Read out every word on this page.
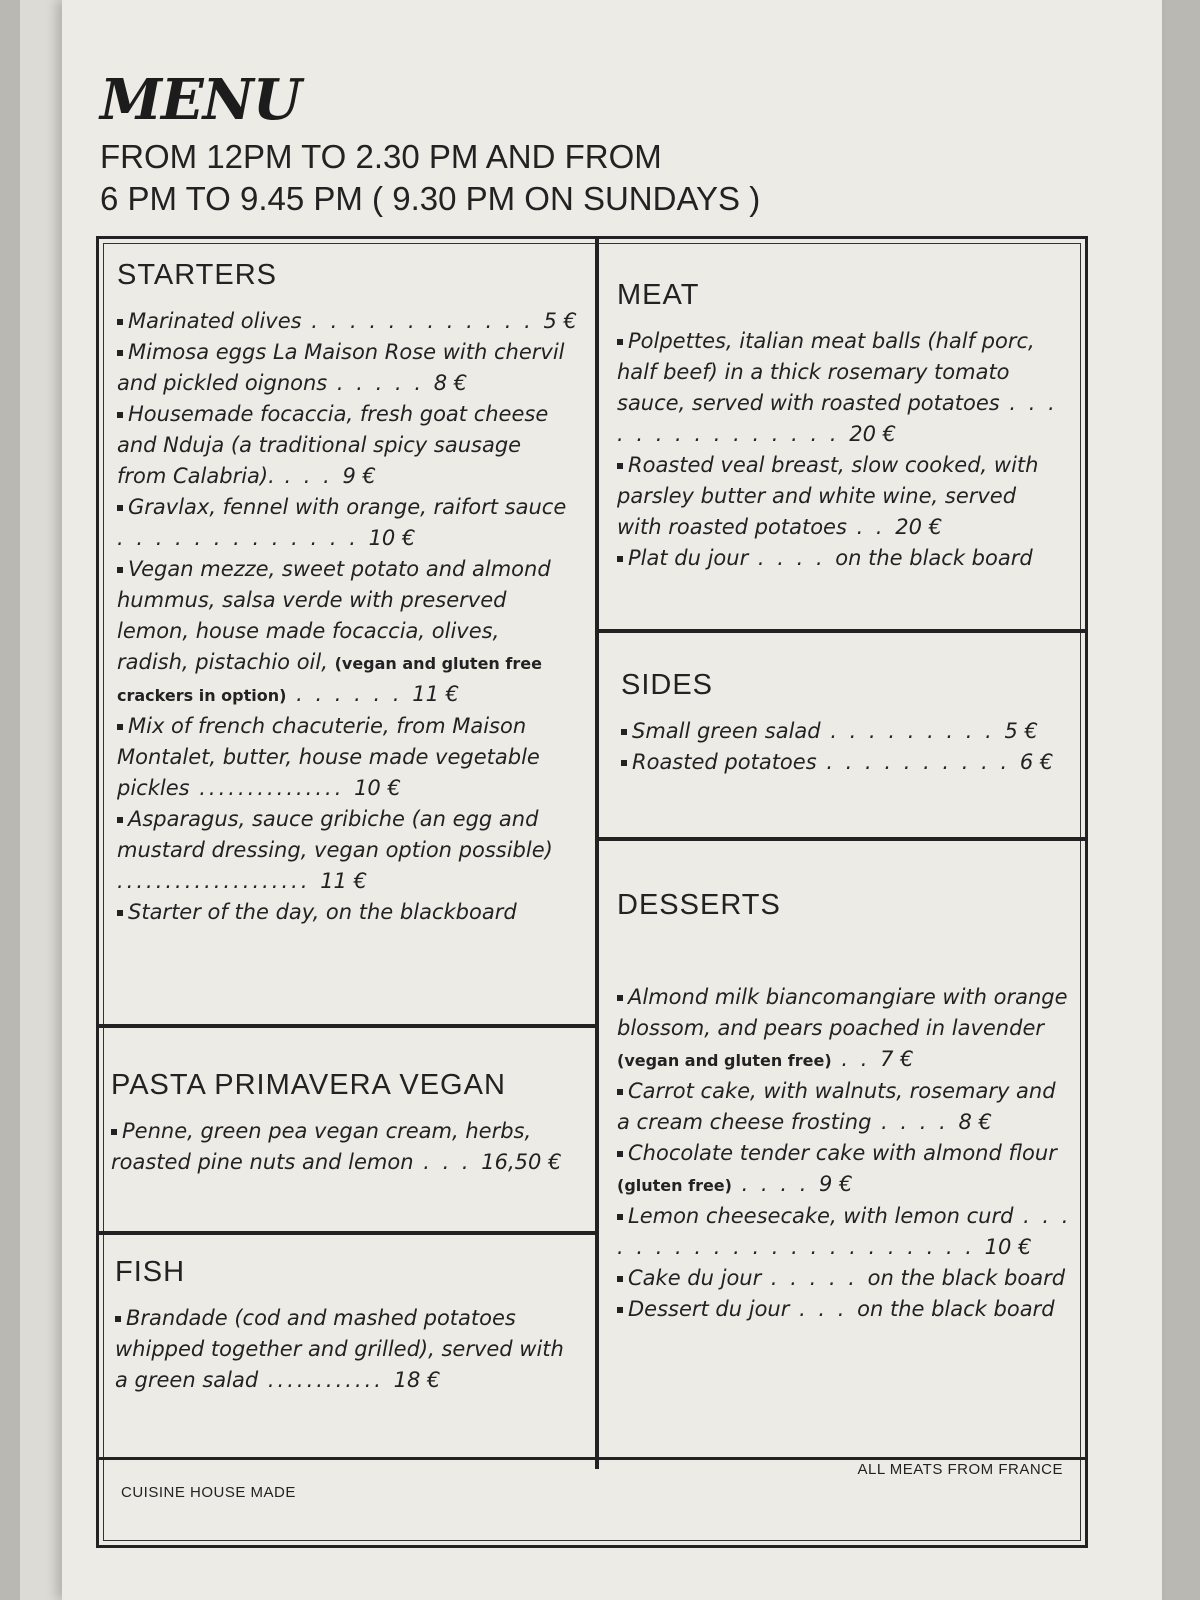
MENU
FROM 12PM TO 2.30 PM AND FROM
6 PM TO 9.45 PM ( 9.30 PM ON SUNDAYS )
STARTERS
Marinated olives . . . . . . . . . . . . 5 €
Mimosa eggs La Maison Rose with chervil and pickled oignons . . . . . 8 €
Housemade focaccia, fresh goat cheese and Nduja (a traditional spicy sausage from Calabria). . . . 9 €
Gravlax, fennel with orange, raifort sauce . . . . . . . . . . . . . 10 €
Vegan mezze, sweet potato and almond hummus, salsa verde with preserved lemon, house made focaccia, olives, radish, pistachio oil, (vegan and gluten free crackers in option) . . . . . . 11 €
Mix of french chacuterie, from Maison Montalet, butter, house made vegetable pickles ............... 10 €
Asparagus, sauce gribiche (an egg and mustard dressing, vegan option possible) .................... 11 €
Starter of the day, on the blackboard
PASTA PRIMAVERA VEGAN
Penne, green pea vegan cream, herbs, roasted pine nuts and lemon . . . 16,50 €
FISH
Brandade (cod and mashed potatoes whipped together and grilled), served with a green salad ............ 18 €
MEAT
Polpettes, italian meat balls (half porc, half beef) in a thick rosemary tomato sauce, served with roasted potatoes . . . . . . . . . . . . . . . 20 €
Roasted veal breast, slow cooked, with parsley butter and white wine, served with roasted potatoes . . 20 €
Plat du jour . . . . on the black board
SIDES
Small green salad . . . . . . . . . 5 €
Roasted potatoes . . . . . . . . . . 6 €
DESSERTS
Almond milk biancomangiare with orange blossom, and pears poached in lavender (vegan and gluten free) . . 7 €
Carrot cake, with walnuts, rosemary and a cream cheese frosting . . . . 8 €
Chocolate tender cake with almond flour (gluten free) . . . . 9 €
Lemon cheesecake, with lemon curd . . . . . . . . . . . . . . . . . . . . . . 10 €
Cake du jour . . . . . on the black board
Dessert du jour . . . on the black board
CUISINE HOUSE MADE
ALL MEATS FROM FRANCE
